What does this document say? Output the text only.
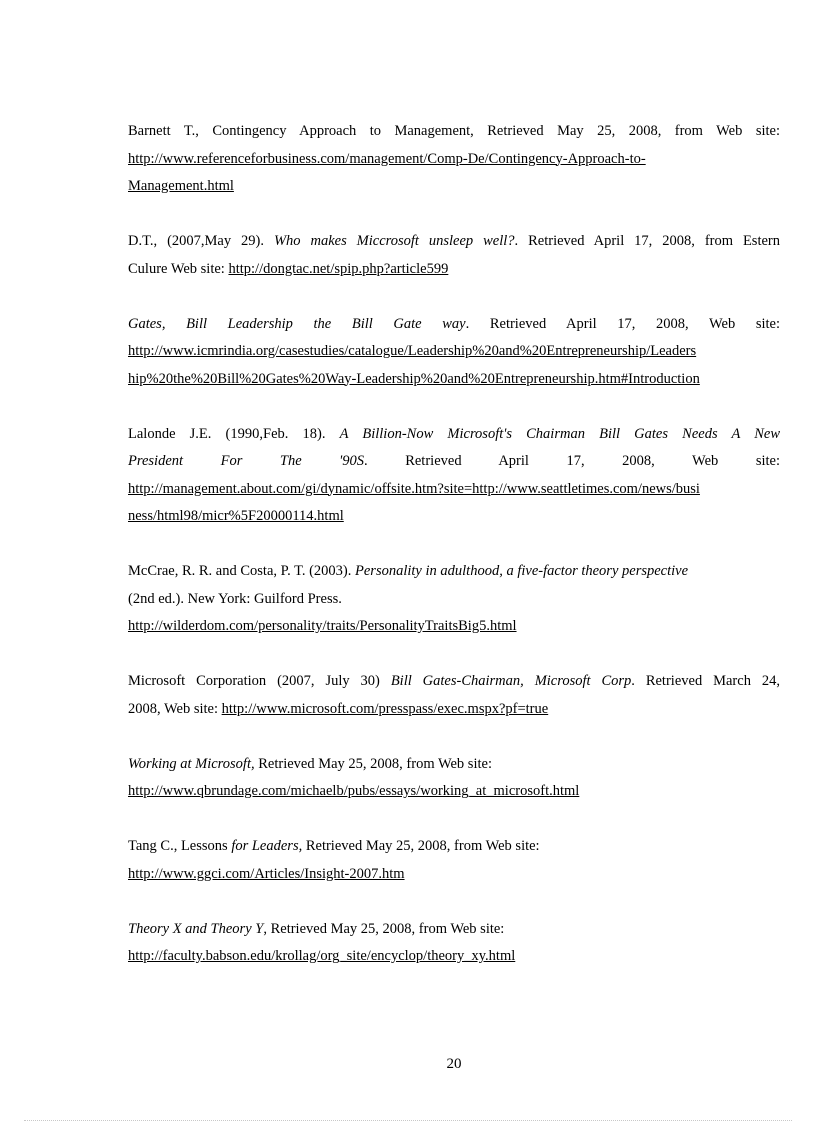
Barnett T., Contingency Approach to Management, Retrieved May 25, 2008, from Web site:
http://www.referenceforbusiness.com/management/Comp-De/Contingency-Approach-to-
Management.html
D.T., (2007,May 29). Who makes Miccrosoft unsleep well?. Retrieved April 17, 2008, from Estern
Culure Web site: http://dongtac.net/spip.php?article599
Gates, Bill Leadership the Bill Gate way. Retrieved April 17, 2008, Web site:
http://www.icmrindia.org/casestudies/catalogue/Leadership%20and%20Entrepreneurship/Leaders
hip%20the%20Bill%20Gates%20Way-Leadership%20and%20Entrepreneurship.htm#Introduction
Lalonde J.E. (1990,Feb. 18). A Billion-Now Microsoft's Chairman Bill Gates Needs A New
President For The '90S. Retrieved April 17, 2008, Web site:
http://management.about.com/gi/dynamic/offsite.htm?site=http://www.seattletimes.com/news/busi
ness/html98/micr%5F20000114.html
McCrae, R. R. and Costa, P. T. (2003). Personality in adulthood, a five-factor theory perspective
(2nd ed.). New York: Guilford Press.
http://wilderdom.com/personality/traits/PersonalityTraitsBig5.html
Microsoft Corporation (2007, July 30) Bill Gates-Chairman, Microsoft Corp. Retrieved March 24,
2008, Web site: http://www.microsoft.com/presspass/exec.mspx?pf=true
Working at Microsoft, Retrieved May 25, 2008, from Web site:
http://www.qbrundage.com/michaelb/pubs/essays/working_at_microsoft.html
Tang C., Lessons for Leaders, Retrieved May 25, 2008, from Web site:
http://www.ggci.com/Articles/Insight-2007.htm
Theory X and Theory Y, Retrieved May 25, 2008, from Web site:
http://faculty.babson.edu/krollag/org_site/encyclop/theory_xy.html
20
